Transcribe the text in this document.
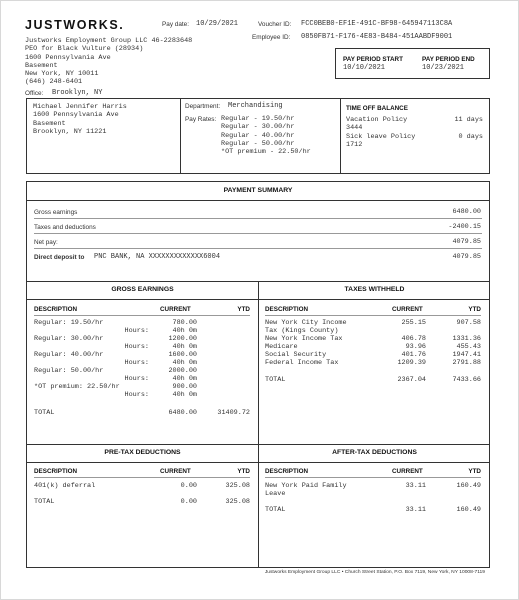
JUSTWORKS.	Pay date: 10/29/2021	Voucher ID: FCC0BEB0-EF1E-491C-BF98-645947113C8A
Employee ID: 0850FB71-F176-4E83-B484-451AABDF9001
Justworks Employment Group LLC 46-2283648
PEO for Black Vulture (28934)
1600 Pennsylvania Ave
Basement
New York, NY 10011
(646) 248-6401
Office: Brooklyn, NY
PAY PERIOD START
10/10/2021
PAY PERIOD END
10/23/2021
Michael Jennifer Harris
1600 Pennsylvania Ave
Basement
Brooklyn, NY 11221
Department: Merchandising
Pay Rates: Regular - 19.50/hr
Regular - 30.00/hr
Regular - 40.00/hr
Regular - 50.00/hr
*OT premium - 22.50/hr
TIME OFF BALANCE
Vacation Policy 3444
11 days
Sick leave Policy 1712
0 days
PAYMENT SUMMARY
Gross earnings	6480.00
Taxes and deductions	-2400.15
Net pay:	4079.85
Direct deposit to PNC BANK, NA XXXXXXXXXXXXX6004	4079.85
GROSS EARNINGS	TAXES WITHHELD
DESCRIPTION	CURRENT	YTD DESCRIPTION	CURRENT	YTD
Regular: 19.50/hr	780.00
Hours:	40h 0m
Regular: 30.00/hr	1200.00
Hours:	40h 0m
Regular: 40.00/hr	1600.00
Hours:	40h 0m
Regular: 50.00/hr	2000.00
Hours:	40h 0m
*OT premium: 22.50/hr	900.00
Hours:	40h 0m
TOTAL	6480.00	31409.72
New York City Income	255.15	907.58
Tax (Kings County)
New York Income Tax	406.78	1331.36
Medicare	93.96	455.43
Social Security	401.76	1947.41
Federal Income Tax	1209.39	2791.88
TOTAL	2367.04	7433.66
PRE-TAX DEDUCTIONS	AFTER-TAX DEDUCTIONS
DESCRIPTION	CURRENT	YTD DESCRIPTION	CURRENT	YTD
401(k) deferral	0.00	325.08
TOTAL	0.00	325.08
New York Paid Family	33.11	160.49
Leave
TOTAL	33.11	160.49
Justworks Employment Group LLC • Church Street Station, P.O. Box 7119, New York, NY 10008-7119
